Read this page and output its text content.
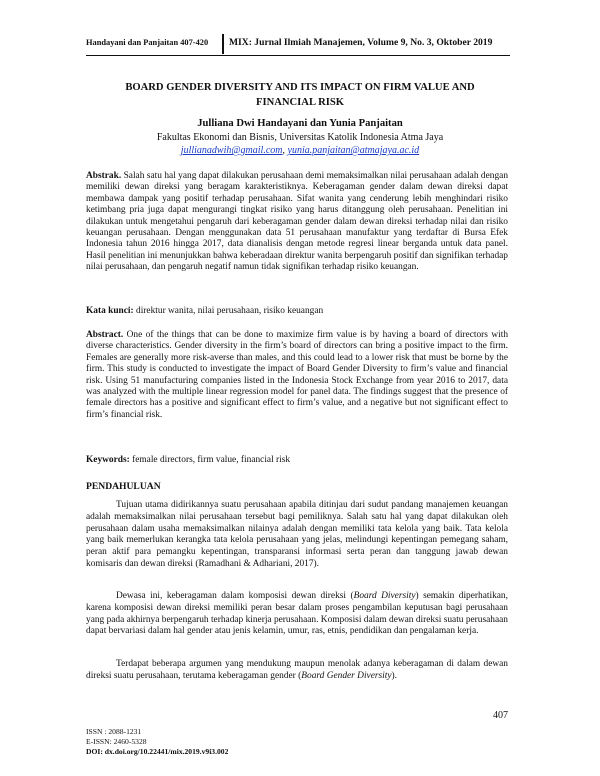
Handayani dan Panjaitan 407-420	MIX: Jurnal Ilmiah Manajemen, Volume 9, No. 3, Oktober 2019
BOARD GENDER DIVERSITY AND ITS IMPACT ON FIRM VALUE AND
FINANCIAL RISK
Julliana Dwi Handayani dan Yunia Panjaitan
Fakultas Ekonomi dan Bisnis, Universitas Katolik Indonesia Atma Jaya
jullianadwih@gmail.com, yunia.panjaitan@atmajaya.ac.id
Abstrak. Salah satu hal yang dapat dilakukan perusahaan demi memaksimalkan nilai perusahaan adalah dengan memiliki dewan direksi yang beragam karakteristiknya. Keberagaman gender dalam dewan direksi dapat membawa dampak yang positif terhadap perusahaan. Sifat wanita yang cenderung lebih menghindari risiko ketimbang pria juga dapat mengurangi tingkat risiko yang harus ditanggung oleh perusahaan. Penelitian ini dilakukan untuk mengetahui pengaruh dari keberagaman gender dalam dewan direksi terhadap nilai dan risiko keuangan perusahaan. Dengan menggunakan data 51 perusahaan manufaktur yang terdaftar di Bursa Efek Indonesia tahun 2016 hingga 2017, data dianalisis dengan metode regresi linear berganda untuk data panel. Hasil penelitian ini menunjukkan bahwa keberadaan direktur wanita berpengaruh positif dan signifikan terhadap nilai perusahaan, dan pengaruh negatif namun tidak signifikan terhadap risiko keuangan.
Kata kunci: direktur wanita, nilai perusahaan, risiko keuangan
Abstract. One of the things that can be done to maximize firm value is by having a board of directors with diverse characteristics. Gender diversity in the firm’s board of directors can bring a positive impact to the firm. Females are generally more risk-averse than males, and this could lead to a lower risk that must be borne by the firm. This study is conducted to investigate the impact of Board Gender Diversity to firm’s value and financial risk. Using 51 manufacturing companies listed in the Indonesia Stock Exchange from year 2016 to 2017, data was analyzed with the multiple linear regression model for panel data. The findings suggest that the presence of female directors has a positive and significant effect to firm’s value, and a negative but not significant effect to firm’s financial risk.
Keywords: female directors, firm value, financial risk
PENDAHULUAN
Tujuan utama didirikannya suatu perusahaan apabila ditinjau dari sudut pandang manajemen keuangan adalah memaksimalkan nilai perusahaan tersebut bagi pemiliknya. Salah satu hal yang dapat dilakukan oleh perusahaan dalam usaha memaksimalkan nilainya adalah dengan memiliki tata kelola yang baik. Tata kelola yang baik memerlukan kerangka tata kelola perusahaan yang jelas, melindungi kepentingan pemegang saham, peran aktif para pemangku kepentingan, transparansi informasi serta peran dan tanggung jawab dewan komisaris dan dewan direksi (Ramadhani & Adhariani, 2017).
Dewasa ini, keberagaman dalam komposisi dewan direksi (Board Diversity) semakin diperhatikan, karena komposisi dewan direksi memiliki peran besar dalam proses pengambilan keputusan bagi perusahaan yang pada akhirnya berpengaruh terhadap kinerja perusahaan. Komposisi dalam dewan direksi suatu perusahaan dapat bervariasi dalam hal gender atau jenis kelamin, umur, ras, etnis, pendidikan dan pengalaman kerja.
Terdapat beberapa argumen yang mendukung maupun menolak adanya keberagaman di dalam dewan direksi suatu perusahaan, terutama keberagaman gender (Board Gender Diversity).
407
ISSN : 2088-1231
E-ISSN: 2460-5328
DOI: dx.doi.org/10.22441/mix.2019.v9i3.002
